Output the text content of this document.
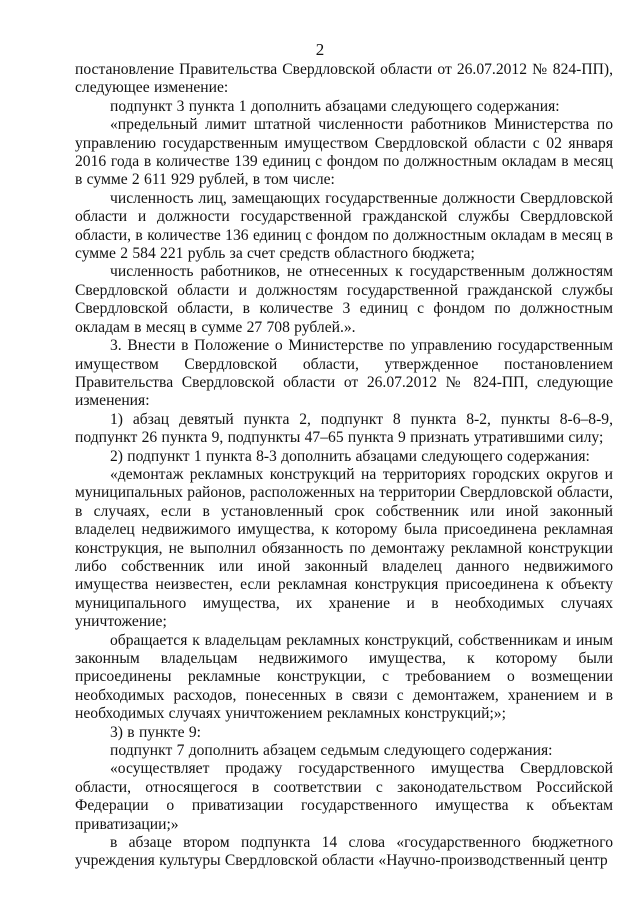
2

постановление Правительства Свердловской области от 26.07.2012 № 824-ПП), следующее изменение:

подпункт 3 пункта 1 дополнить абзацами следующего содержания:

«предельный лимит штатной численности работников Министерства по управлению государственным имуществом Свердловской области с 02 января 2016 года в количестве 139 единиц с фондом по должностным окладам в месяц в сумме 2 611 929 рублей, в том числе:

численность лиц, замещающих государственные должности Свердловской области и должности государственной гражданской службы Свердловской области, в количестве 136 единиц с фондом по должностным окладам в месяц в сумме 2 584 221 рубль за счет средств областного бюджета;

численность работников, не отнесенных к государственным должностям Свердловской области и должностям государственной гражданской службы Свердловской области, в количестве 3 единиц с фондом по должностным окладам в месяц в сумме 27 708 рублей.».

3. Внести в Положение о Министерстве по управлению государственным имуществом Свердловской области, утвержденное постановлением Правительства Свердловской области от 26.07.2012 № 824-ПП, следующие изменения:

1) абзац девятый пункта 2, подпункт 8 пункта 8-2, пункты 8-6–8-9, подпункт 26 пункта 9, подпункты 47–65 пункта 9 признать утратившими силу;

2) подпункт 1 пункта 8-3 дополнить абзацами следующего содержания:

«демонтаж рекламных конструкций на территориях городских округов и муниципальных районов, расположенных на территории Свердловской области, в случаях, если в установленный срок собственник или иной законный владелец недвижимого имущества, к которому была присоединена рекламная конструкция, не выполнил обязанность по демонтажу рекламной конструкции либо собственник или иной законный владелец данного недвижимого имущества неизвестен, если рекламная конструкция присоединена к объекту муниципального имущества, их хранение и в необходимых случаях уничтожение;

обращается к владельцам рекламных конструкций, собственникам и иным законным владельцам недвижимого имущества, к которому были присоединены рекламные конструкции, с требованием о возмещении необходимых расходов, понесенных в связи с демонтажем, хранением и в необходимых случаях уничтожением рекламных конструкций;»;

3) в пункте 9:

подпункт 7 дополнить абзацем седьмым следующего содержания:

«осуществляет продажу государственного имущества Свердловской области, относящегося в соответствии с законодательством Российской Федерации о приватизации государственного имущества к объектам приватизации;»

в абзаце втором подпункта 14 слова «государственного бюджетного учреждения культуры Свердловской области «Научно-производственный центр
